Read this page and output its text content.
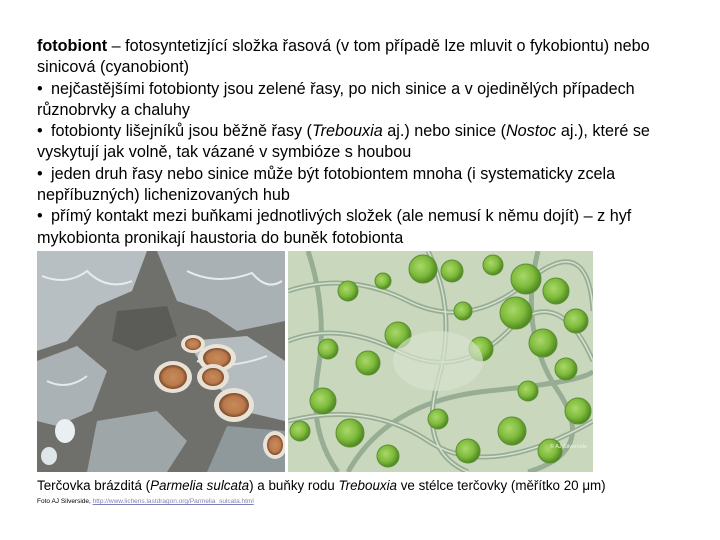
fotobiont – fotosyntetizjící složka řasová (v tom případě lze mluvit o fykobiontu) nebo sinicová (cyanobiont)

• nejčastějšími fotobionty jsou zelené řasy, po nich sinice a v ojedinělých případech různobrvky a chaluhy

• fotobionty lišejníků jsou běžně řasy (Trebouxia aj.) nebo sinice (Nostoc aj.), které se vyskytují jak volně, tak vázané v symbióze s houbou

• jeden druh řasy nebo sinice může být fotobiontem mnoha (i systematicky zcela nepříbuzných) lichenizovaných hub

• přímý kontakt mezi buňkami jednotlivých složek (ale nemusí k němu dojít) – z hyf mykobionta pronikají haustoria do buněk fotobionta

© AJ Silverside
Terčovka brázditá (Parmelia sulcata) a buňky rodu Trebouxia ve stélce terčovky (měřítko 20 μm)
Foto AJ Silverside, http://www.lichens.lastdragon.org/Parmelia_sulcata.html
